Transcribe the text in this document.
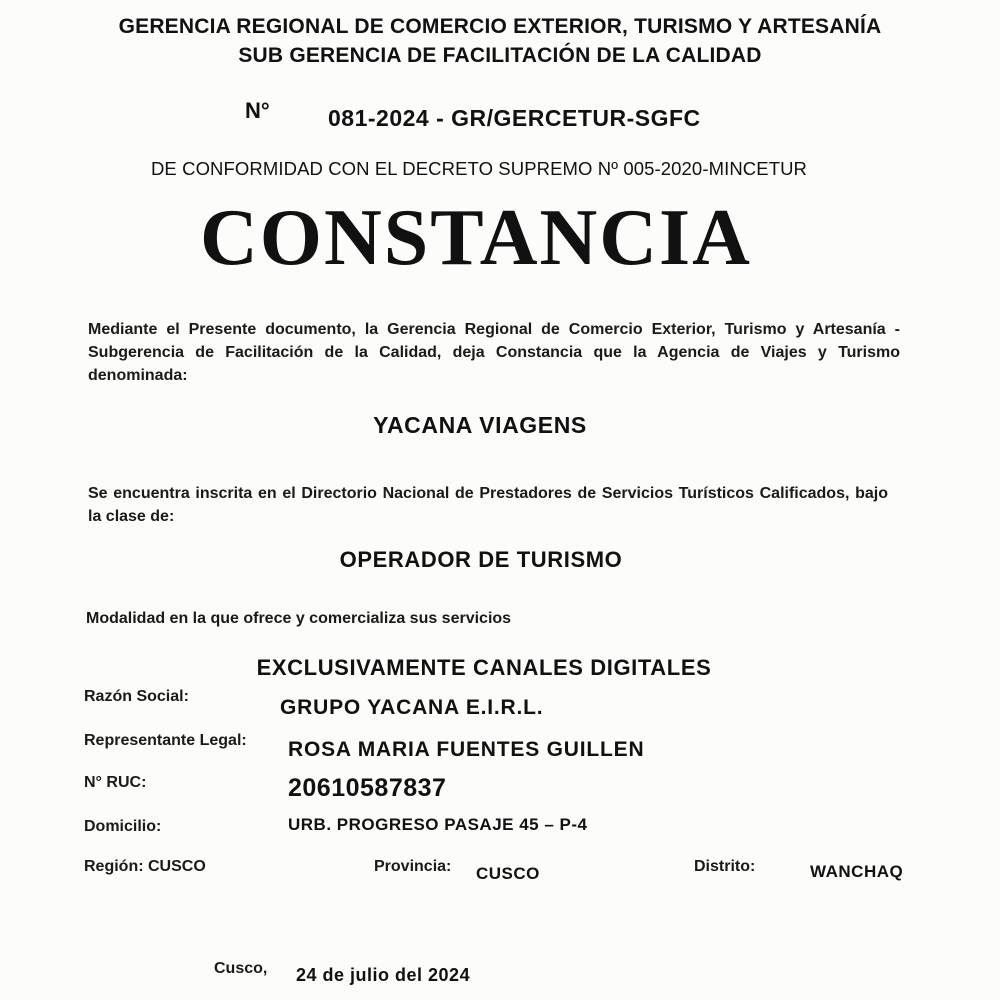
GERENCIA REGIONAL DE COMERCIO EXTERIOR, TURISMO Y ARTESANÍA
SUB GERENCIA DE FACILITACIÓN DE LA CALIDAD
N°	081-2024 - GR/GERCETUR-SGFC
DE CONFORMIDAD CON EL DECRETO SUPREMO Nº 005-2020-MINCETUR
CONSTANCIA
Mediante el Presente documento, la Gerencia Regional de Comercio Exterior, Turismo y Artesanía - Subgerencia de Facilitación de la Calidad, deja Constancia que la Agencia de Viajes y Turismo denominada:
YACANA VIAGENS
Se encuentra inscrita en el Directorio Nacional de Prestadores de Servicios Turísticos Calificados, bajo la clase de:
OPERADOR DE TURISMO
Modalidad en la que ofrece y comercializa sus servicios
EXCLUSIVAMENTE CANALES DIGITALES
Razón Social:	GRUPO YACANA E.I.R.L.
Representante Legal: ROSA MARIA FUENTES GUILLEN
N° RUC:	20610587837
Domicilio:	URB. PROGRESO PASAJE 45 – P-4
Región: CUSCO	Provincia: CUSCO	Distrito:	WANCHAQ
Cusco, 24 de julio del 2024
